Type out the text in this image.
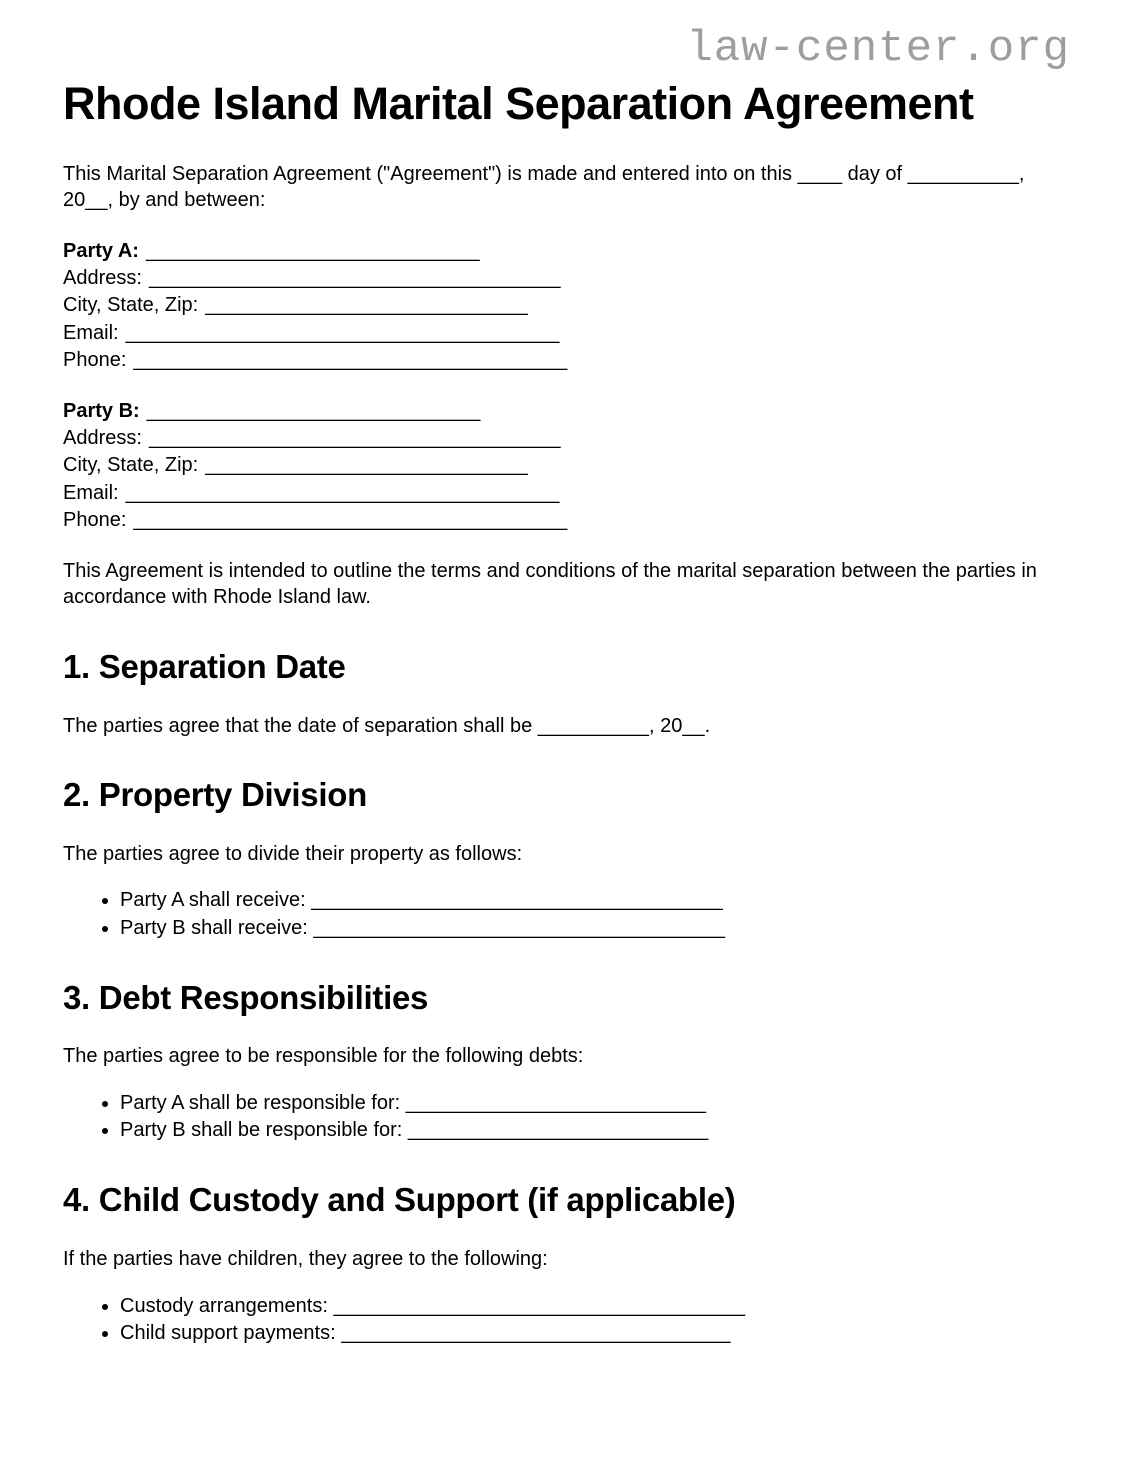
law-center.org
Rhode Island Marital Separation Agreement

This Marital Separation Agreement ("Agreement") is made and entered into on this ____ day of __________, 20__, by and between:

Party A: ______________________________
Address: _____________________________________
City, State, Zip: _____________________________
Email: _______________________________________
Phone: _______________________________________
Party B: ______________________________
Address: _____________________________________
City, State, Zip: _____________________________
Email: _______________________________________
Phone: _______________________________________

This Agreement is intended to outline the terms and conditions of the marital separation between the parties in accordance with Rhode Island law.

1. Separation Date

The parties agree that the date of separation shall be __________, 20__.

2. Property Division

The parties agree to divide their property as follows:

• Party A shall receive: _____________________________________
• Party B shall receive: _____________________________________
3. Debt Responsibilities

The parties agree to be responsible for the following debts:

• Party A shall be responsible for: ___________________________
• Party B shall be responsible for: ___________________________
4. Child Custody and Support (if applicable)

If the parties have children, they agree to the following:

• Custody arrangements: _____________________________________
• Child support payments: ___________________________________
